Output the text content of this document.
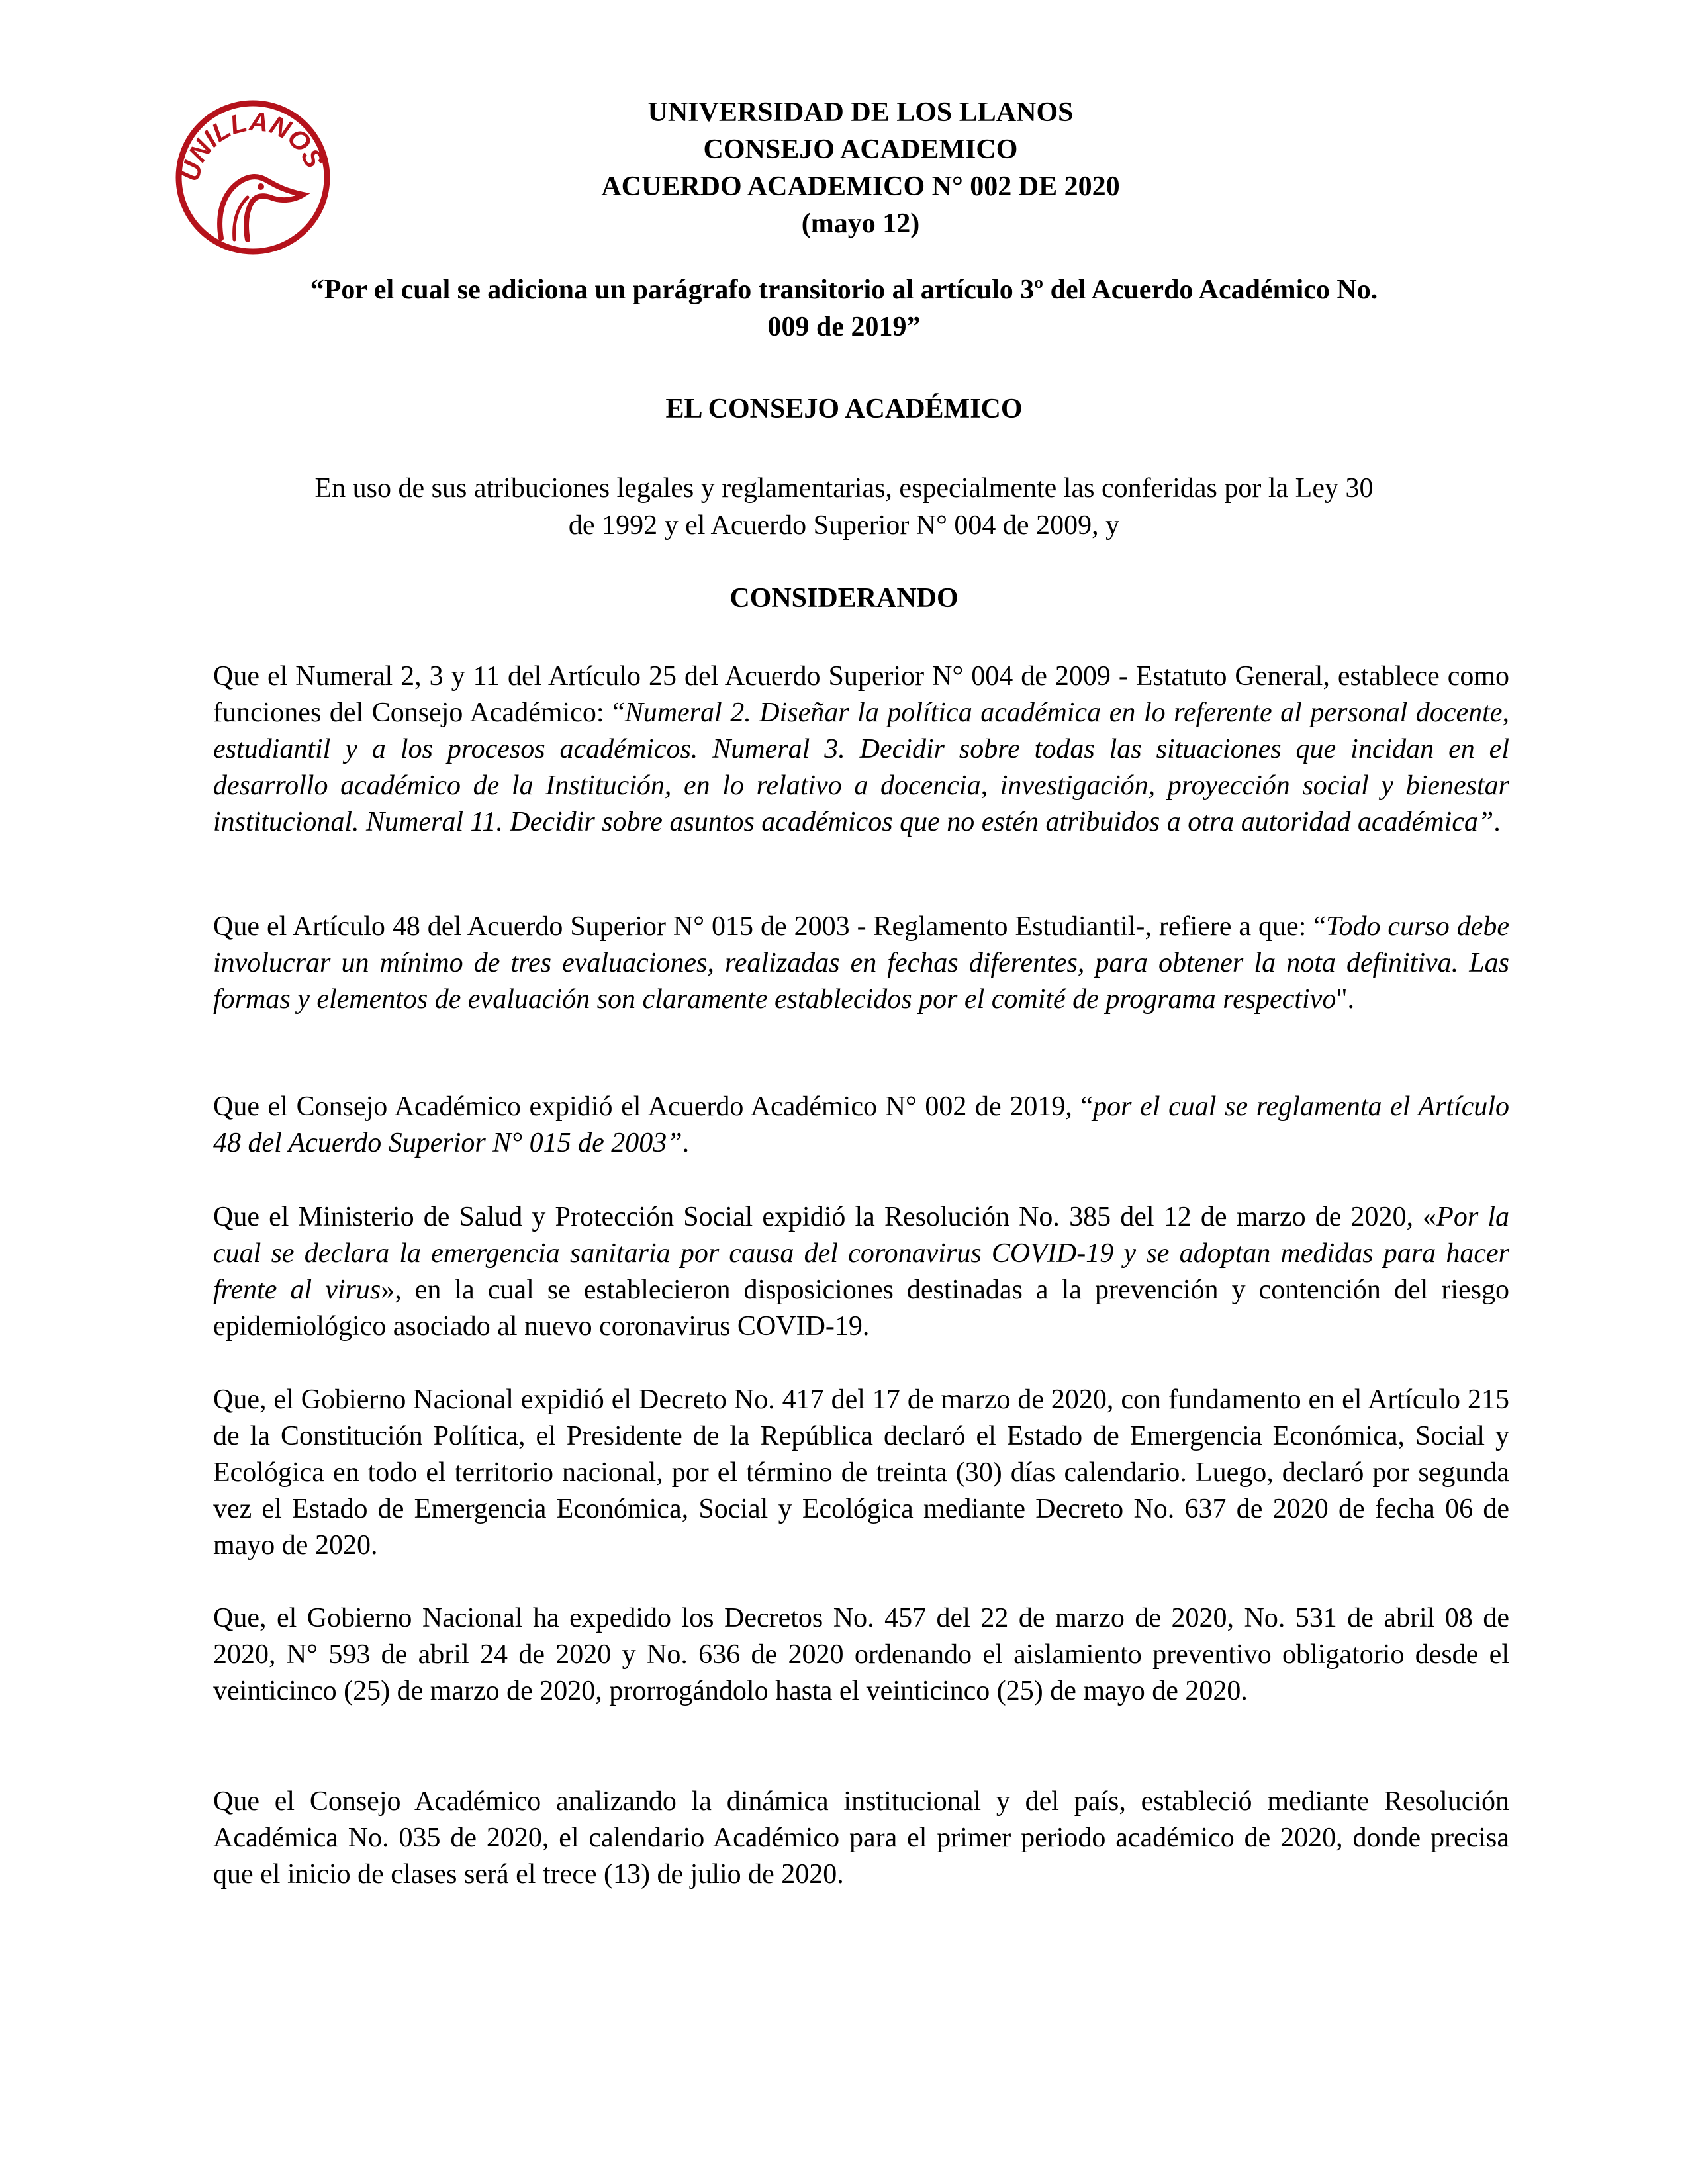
UNILLANOS
UNIVERSIDAD DE LOS LLANOS
CONSEJO ACADEMICO
ACUERDO ACADEMICO N° 002 DE 2020
(mayo 12)
“Por el cual se adiciona un parágrafo transitorio al artículo 3º del Acuerdo Académico No.
009 de 2019”
EL CONSEJO ACADÉMICO
En uso de sus atribuciones legales y reglamentarias, especialmente las conferidas por la Ley 30
de 1992 y el Acuerdo Superior N° 004 de 2009, y
CONSIDERANDO
Que el Numeral 2, 3 y 11 del Artículo 25 del Acuerdo Superior N° 004 de 2009 - Estatuto General, establece como funciones del Consejo Académico: “Numeral 2. Diseñar la política académica en lo referente al personal docente, estudiantil y a los procesos académicos. Numeral 3. Decidir sobre todas las situaciones que incidan en el desarrollo académico de la Institución, en lo relativo a docencia, investigación, proyección social y bienestar institucional. Numeral 11. Decidir sobre asuntos académicos que no estén atribuidos a otra autoridad académica”.
Que el Artículo 48 del Acuerdo Superior N° 015 de 2003 - Reglamento Estudiantil-, refiere a que: “Todo curso debe involucrar un mínimo de tres evaluaciones, realizadas en fechas diferentes, para obtener la nota definitiva. Las formas y elementos de evaluación son claramente establecidos por el comité de programa respectivo".
Que el Consejo Académico expidió el Acuerdo Académico N° 002 de 2019, “por el cual se reglamenta el Artículo 48 del Acuerdo Superior N° 015 de 2003”.
Que el Ministerio de Salud y Protección Social expidió la Resolución No. 385 del 12 de marzo de 2020, «Por la cual se declara la emergencia sanitaria por causa del coronavirus COVID-19 y se adoptan medidas para hacer frente al virus», en la cual se establecieron disposiciones destinadas a la prevención y contención del riesgo epidemiológico asociado al nuevo coronavirus COVID-19.
Que, el Gobierno Nacional expidió el Decreto No. 417 del 17 de marzo de 2020, con fundamento en el Artículo 215 de la Constitución Política, el Presidente de la República declaró el Estado de Emergencia Económica, Social y Ecológica en todo el territorio nacional, por el término de treinta (30) días calendario. Luego, declaró por segunda vez el Estado de Emergencia Económica, Social y Ecológica mediante Decreto No. 637 de 2020 de fecha 06 de mayo de 2020.
Que, el Gobierno Nacional ha expedido los Decretos No. 457 del 22 de marzo de 2020, No. 531 de abril 08 de 2020, N° 593 de abril 24 de 2020 y No. 636 de 2020 ordenando el aislamiento preventivo obligatorio desde el veinticinco (25) de marzo de 2020, prorrogándolo hasta el veinticinco (25) de mayo de 2020.
Que el Consejo Académico analizando la dinámica institucional y del país, estableció mediante Resolución Académica No. 035 de 2020, el calendario Académico para el primer periodo académico de 2020, donde precisa que el inicio de clases será el trece (13) de julio de 2020.
